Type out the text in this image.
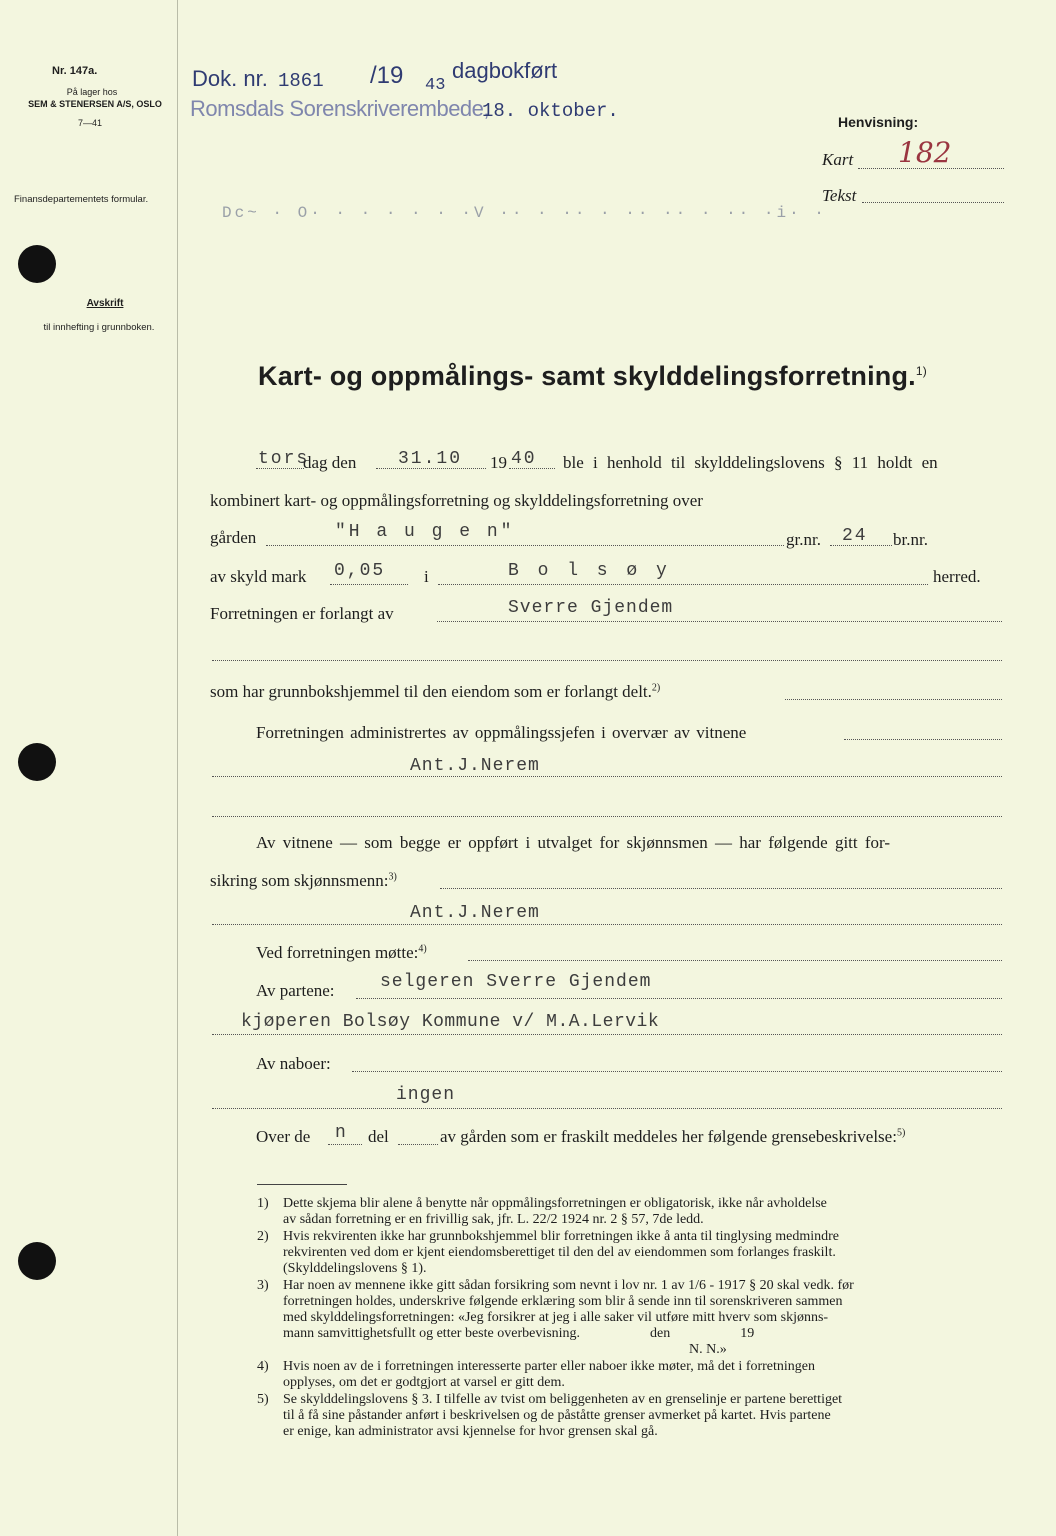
Nr. 147a.
På lager hos
SEM & STENERSEN A/S, OSLO
7—41
Finansdepartementets formular.
Avskrift
til innhefting i grunnboken.
Dok. nr. 1861 /19 43
dagbokført
Romsdals Sorenskriverembede,
18. oktober.	Henvisning:
Kart 182
Tekst
Dc~ · O· · · · · · ·V ·· · ·· · ·· ·· · ·· ·i· ·
Kart- og oppmålings- samt skylddelingsforretning.$^{1)}$
tors
dag den 31.10 19 40 ble i henhold til skylddelingslovens § 11 holdt en
kombinert kart- og oppmålingsforretning og skylddelingsforretning over
gården	"H a u g e n"	gr.nr. 24 br.nr.
av skyld mark 0,05 i	B o l s ø y	herred.
Forretningen er forlangt av	Sverre Gjendem
som har grunnbokshjemmel til den eiendom som er forlangt delt.$^{2)}$
Forretningen administrertes av oppmålingssjefen i overvær av vitnene
Ant.J.Nerem
Av vitnene — som begge er oppført i utvalget for skjønnsmen — har følgende gitt for-
sikring som skjønnsmenn:$^{3)}$
Ant.J.Nerem
Ved forretningen møtte:$^{4)}$
Av partene:	selgeren Sverre Gjendem
kjøperen Bolsøy Kommune v/ M.A.Lervik
Av naboer:
ingen
Over de n del	av gården som er fraskilt meddeles her følgende grensebeskrivelse:$^{5)}$
1) Dette skjema blir alene å benytte når oppmålingsforretningen er obligatorisk, ikke når avholdelse
av sådan forretning er en frivillig sak, jfr. L. 22/2 1924 nr. 2 § 57, 7de ledd.
2) Hvis rekvirenten ikke har grunnbokshjemmel blir forretningen ikke å anta til tinglysing medmindre
rekvirenten ved dom er kjent eiendomsberettiget til den del av eiendommen som forlanges fraskilt.
(Skylddelingslovens § 1).
3) Har noen av mennene ikke gitt sådan forsikring som nevnt i lov nr. 1 av 1/6 - 1917 § 20 skal vedk. før
forretningen holdes, underskrive følgende erklæring som blir å sende inn til sorenskriveren sammen
med skylddelingsforretningen: «Jeg forsikrer at jeg i alle saker vil utføre mitt hverv som skjønns-
mann samvittighetsfullt og etter beste overbevisning.                    den                    19
N. N.»
4) Hvis noen av de i forretningen interesserte parter eller naboer ikke møter, må det i forretningen
opplyses, om det er godtgjort at varsel er gitt dem.
5) Se skylddelingslovens § 3. I tilfelle av tvist om beliggenheten av en grenselinje er partene berettiget
til å få sine påstander anført i beskrivelsen og de påståtte grenser avmerket på kartet. Hvis partene
er enige, kan administrator avsi kjennelse for hvor grensen skal gå.
